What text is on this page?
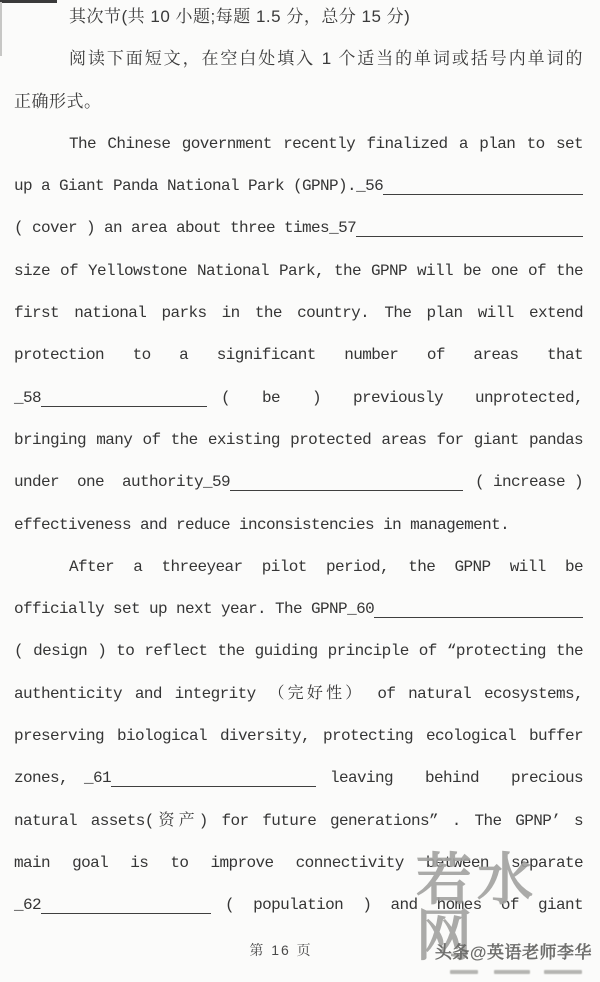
其次节(共 10 小题;每题 1.5 分，总分 15 分)
阅读下面短文，在空白处填入 1 个适当的单词或括号内单词的
正确形式。
The Chinese government recently finalized a plan to set
up a Giant Panda National Park (GPNP). _56
( cover ) an area about three times _57
size of Yellowstone National Park, the GPNP will be one of the
first national parks in the country. The plan will extend
protection to a significant number of areas that
_58	( be ) previously unprotected,
bringing many of the existing protected areas for giant pandas
under one authority _59	( increase )
effectiveness and reduce inconsistencies in management.
After a threeyear pilot period, the GPNP will be
officially set up next year. The GPNP _60
( design ) to reflect the guiding principle of “protecting the
authenticity and integrity （完好性） of natural ecosystems,
preserving biological diversity, protecting ecological buffer
zones,	_61	leaving behind precious
natural assets(资产) for future generations” . The GPNP’ s
main goal is to improve connectivity between separate
_62	( population ) and homes of giant
第 16 页
若水网
头条@英语老师李华
